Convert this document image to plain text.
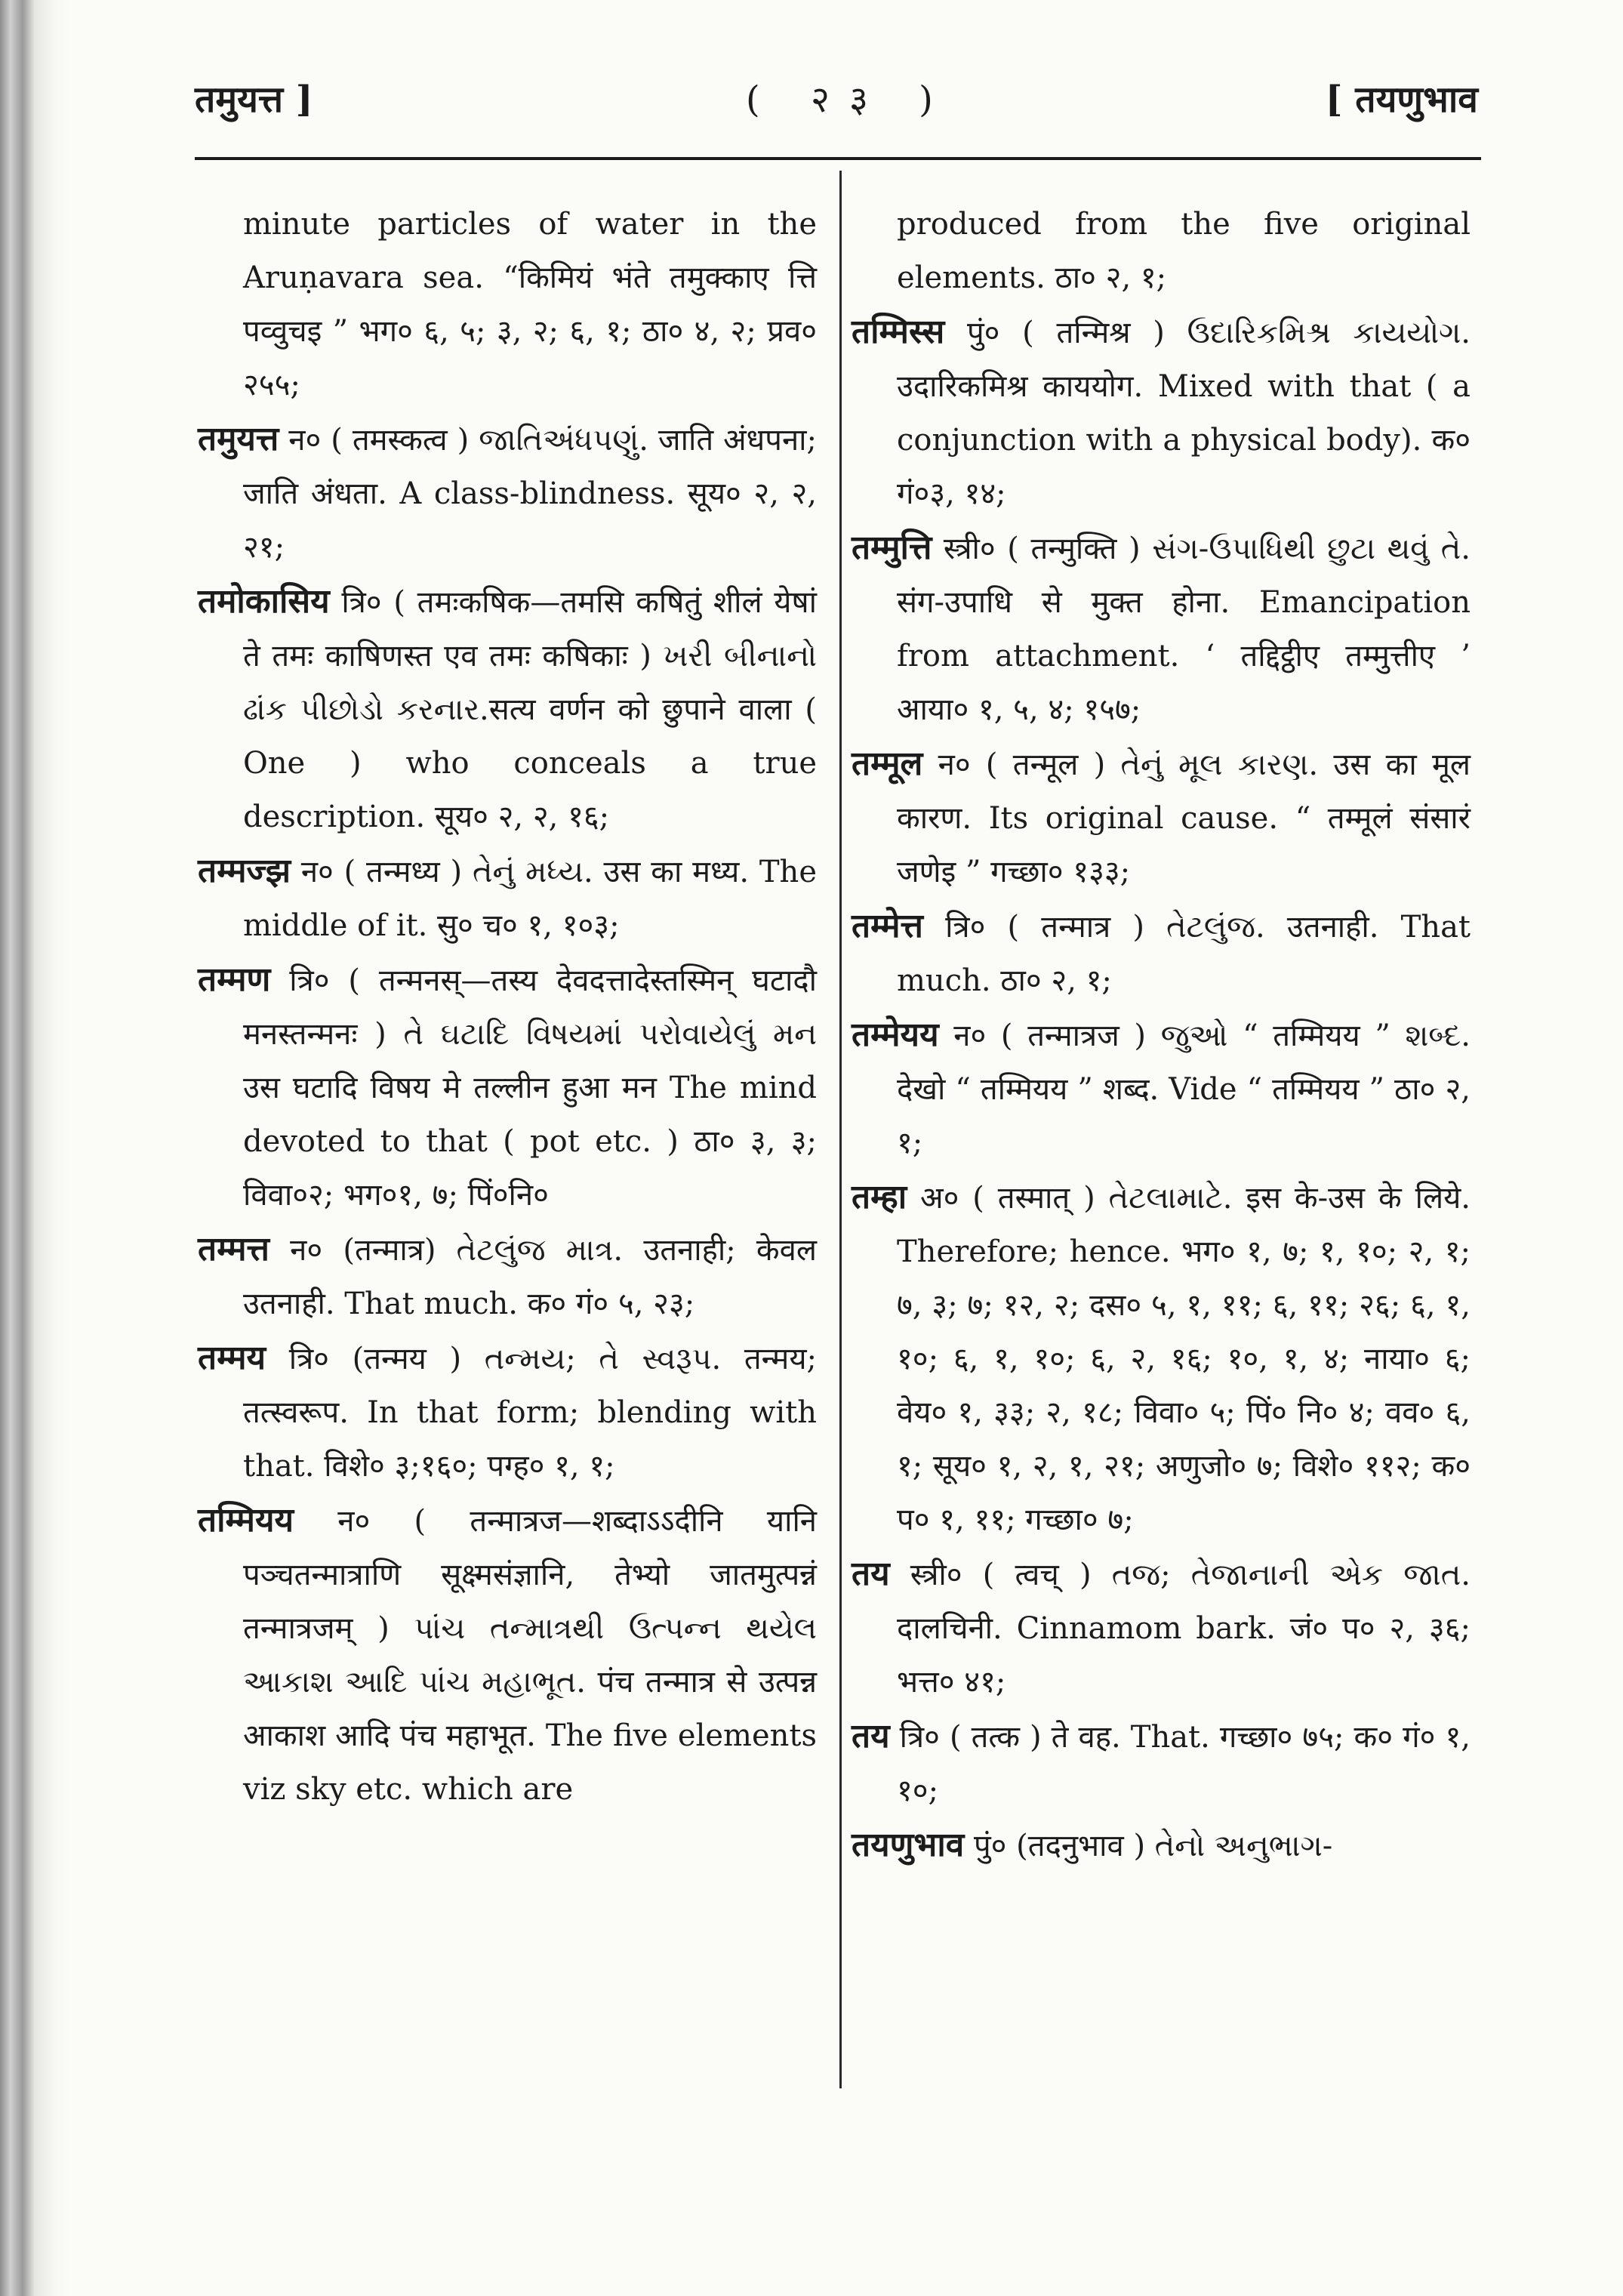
तमुयत्त ]	( २३ )	[ तयणुभाव

minute particles of water in the Aruṇavara sea. “किमियं भंते तमुक्काए त्ति पव्वुचइ ” भग० ६, ५; ३, २; ६, १; ठा० ४, २; प्रव० २५५;

तमुयत्त न० ( तमस्कत्व ) જાતિઅંધપણું. जाति अंधपना; जाति अंधता. A class-blindness. सूय० २, २, २१;

तमोकासिय त्रि० ( तमःकषिक—तमसि कषितुं शीलं येषां ते तमः काषिणस्त एव तमः कषिकाः ) ખરી બીનાનો ઢાંક પીછોડો કરનાર.सत्य वर्णन को छुपाने वाला ( One ) who conceals a true description. सूय० २, २, १६;

तम्मज्झ न० ( तन्मध्य ) તેનું મધ્ય. उस का मध्य. The middle of it. सु० च० १, १०३;

तम्मण त्रि० ( तन्मनस्—तस्य देवदत्तादेस्तस्मिन् घटादौ मनस्तन्मनः ) તે ઘટાદિ વિષયમાં પરોવાયેલું મન उस घटादि विषय मे तल्लीन हुआ मन The mind devoted to that ( pot etc. ) ठा० ३, ३; विवा०२; भग०१, ७; पिं०नि०

तम्मत्त न० (तन्मात्र) તેટલુંજ માત્ર. उतनाही; केवल उतनाही. That much. क० गं० ५, २३;

तम्मय त्रि० (तन्मय ) તન્મય; તે સ્વરૂપ. तन्मय; तत्स्वरूप. In that form; blending with that. विशे० ३;१६०; पग्ह० १, १;

तम्मियय न० ( तन्मात्रज—शब्दाऽऽदीनि यानि पञ्चतन्मात्राणि सूक्ष्मसंज्ञानि, तेभ्यो जातमुत्पन्नं तन्मात्रजम् ) પાંચ તન્માત્રથી ઉત્પન્ન થયેલ આકાશ આદિ પાંચ મહાભૂત. पंच तन्मात्र से उत्पन्न आकाश आदि पंच महाभूत. The five elements viz sky etc. which are

produced from the five original elements. ठा० २, १;

तम्मिस्स पुं० ( तन्मिश्र ) ઉદારિકમિશ્ર કાયયોગ. उदारिकमिश्र काययोग. Mixed with that ( a conjunction with a physical body). क० गं०३, १४;

तम्मुत्ति स्त्री० ( तन्मुक्ति ) સંગ-ઉપાધિથી છુટા થવું તે. संग-उपाधि से मुक्त होना. Emancipation from attachment. ‘ तद्दिट्ठीए तम्मुत्तीए ’ आया० १, ५, ४; १५७;

तम्मूल न० ( तन्मूल ) તેનું મૂલ કારણ. उस का मूल कारण. Its original cause. “ तम्मूलं संसारं जणेइ ” गच्छा० १३३;

तम्मेत्त त्रि० ( तन्मात्र ) તેટલુંજ. उतनाही. That much. ठा० २, १;

तम्मेयय न० ( तन्मात्रज ) જુઓ “ तम्मियय ” શબ્દ. देखो “ तम्मियय ” शब्द. Vide “ तम्मियय ” ठा० २, १;

तम्हा अ० ( तस्मात् ) તેટલામાટે. इस के-उस के लिये. Therefore; hence. भग० १, ७; १, १०; २, १; ७, ३; ७; १२, २; दस० ५, १, ११; ६, ११; २६; ६, १, १०; ६, १, १०; ६, २, १६; १०, १, ४; नाया० ६; वेय० १, ३३; २, १८; विवा० ५; पिं० नि० ४; वव० ६, १; सूय० १, २, १, २१; अणुजो० ७; विशे० ११२; क० प० १, ११; गच्छा० ७;

तय स्त्री० ( त्वच् ) તજ; તેજાનાની એક જાત. दालचिनी. Cinnamom bark. जं० प० २, ३६; भत्त० ४१;

तय त्रि० ( तत्क ) ते वह. That. गच्छा० ७५; क० गं० १, १०;

तयणुभाव पुं० (तदनुभाव ) તેનો અનુભાગ-
